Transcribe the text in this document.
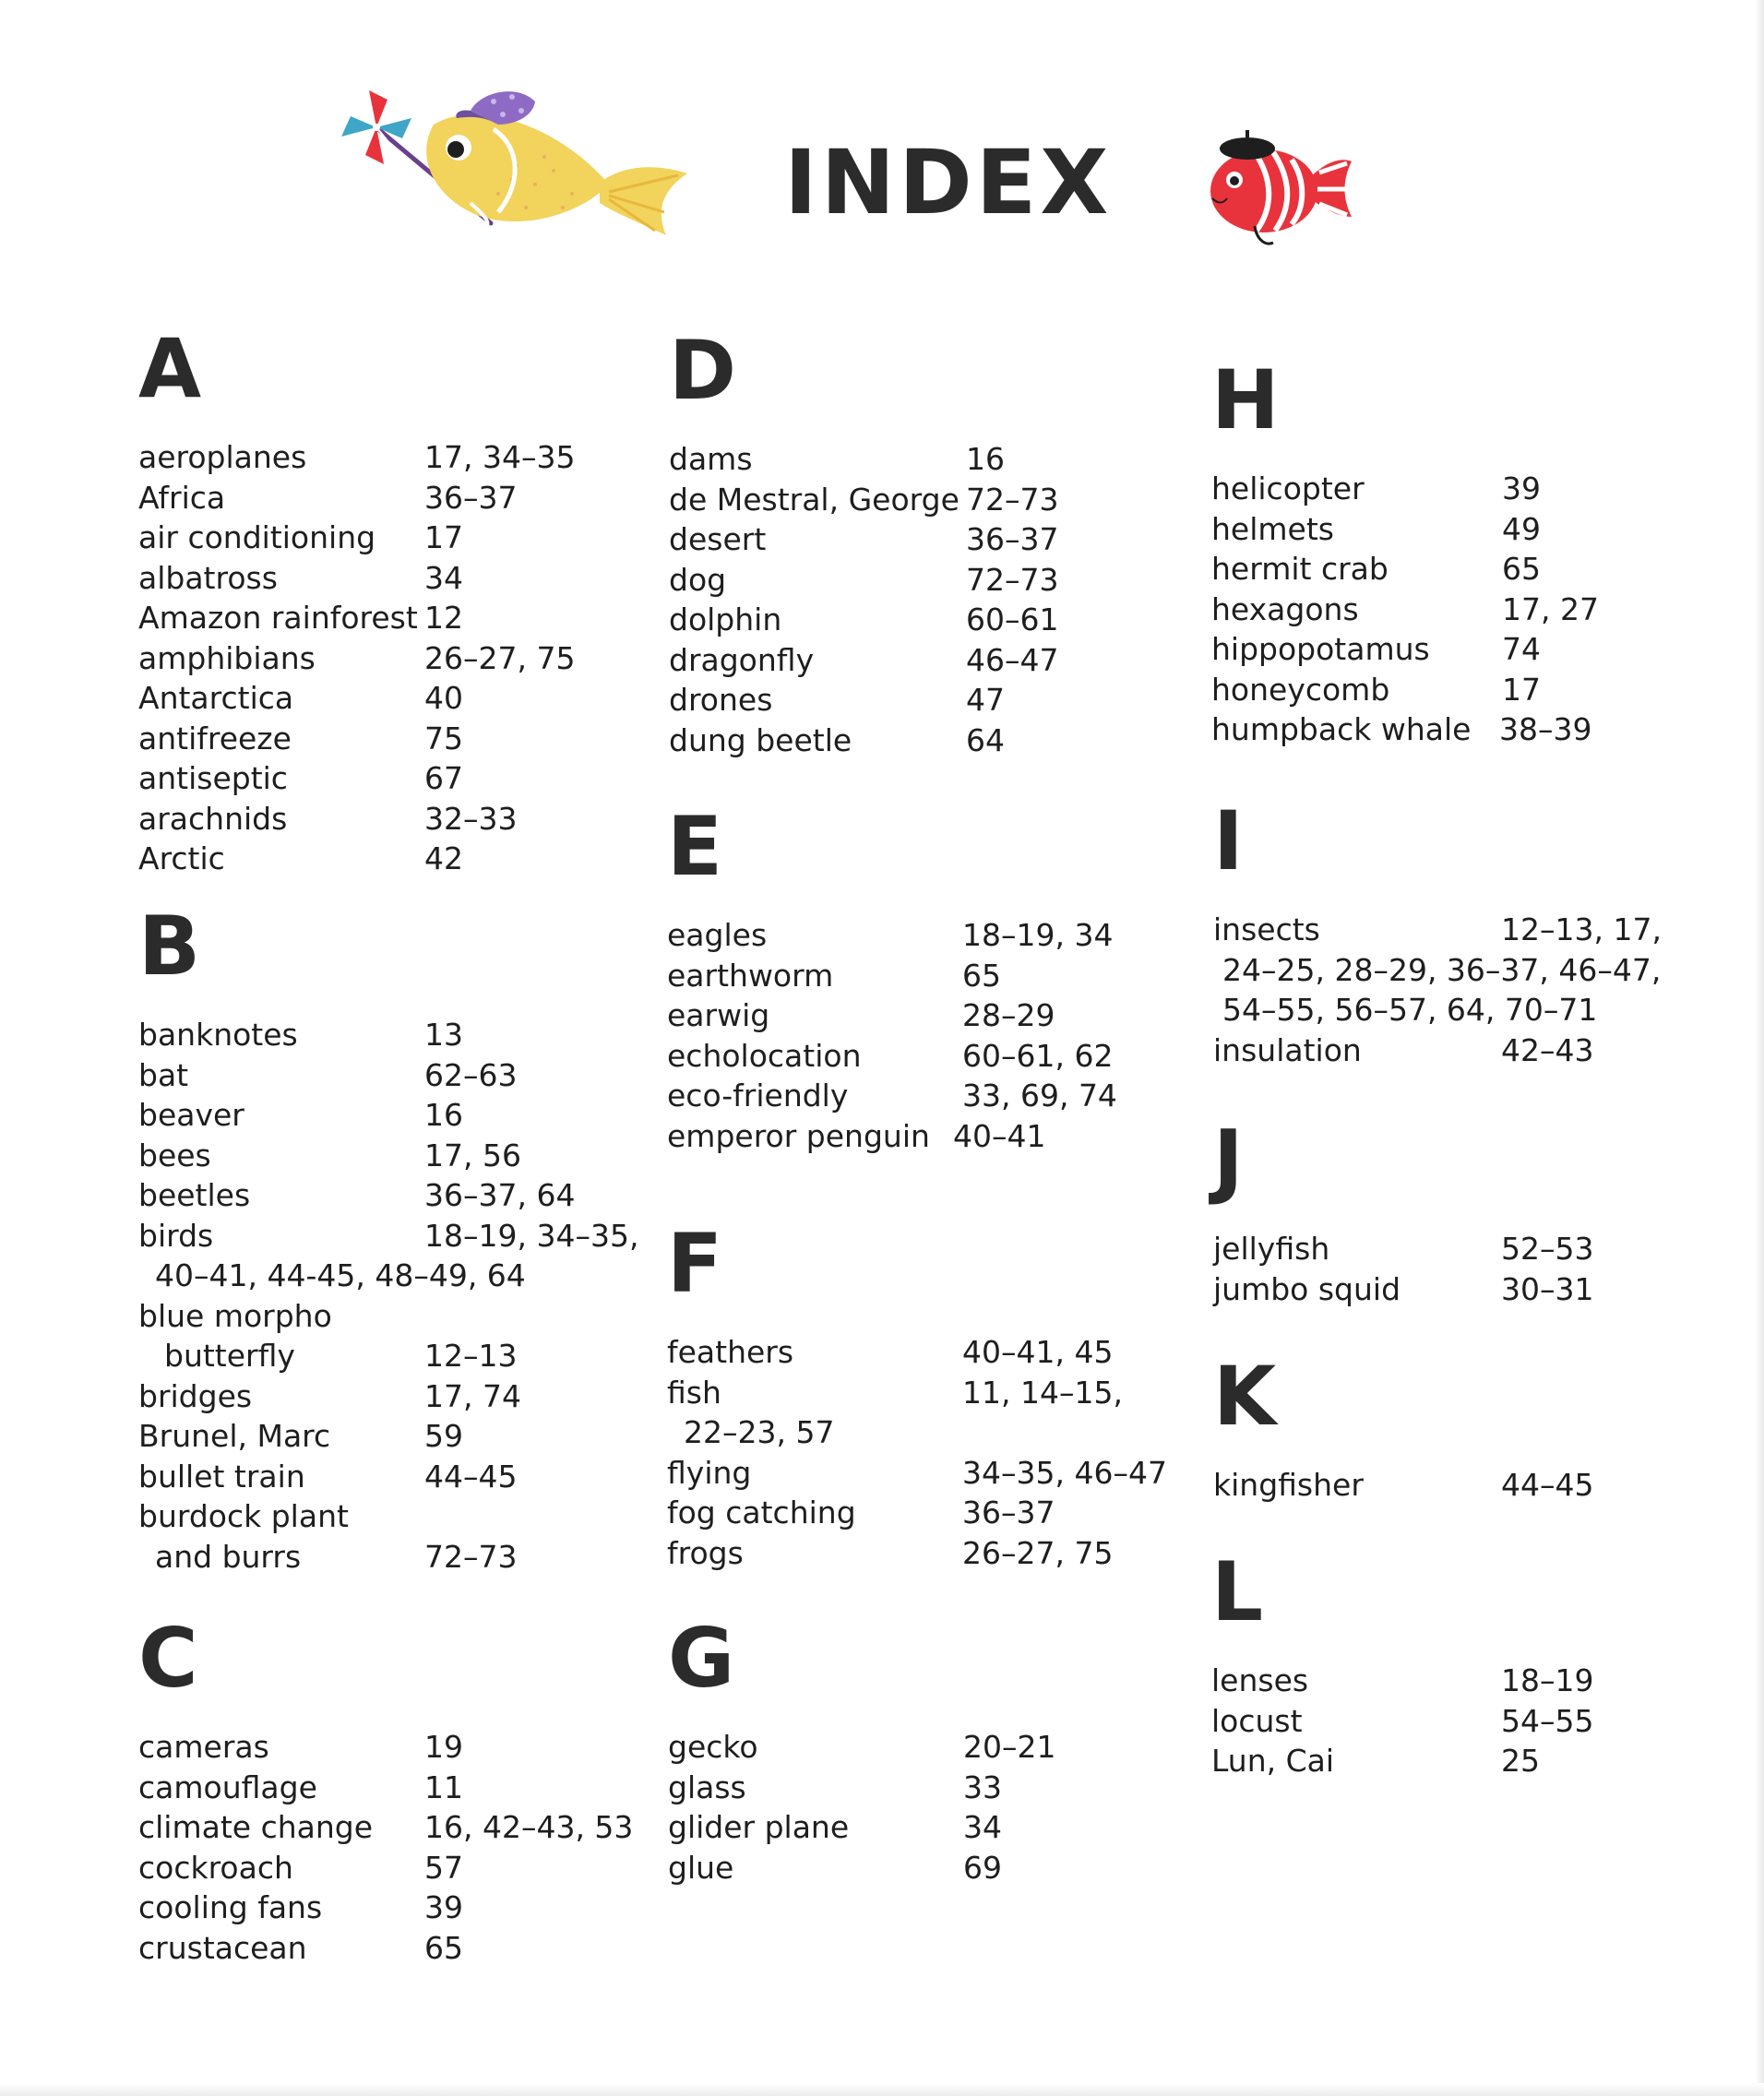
INDEX
A
aeroplanes	17, 34–35
Africa	36–37
air conditioning 17
albatross	34
Amazon rainforest 12
amphibians	26–27, 75
Antarctica	40
antifreeze	75
antiseptic	67
arachnids	32–33
Arctic	42
B
banknotes	13
bat	62–63
beaver	16
bees	17, 56
beetles	36–37, 64
birds	18–19, 34–35,
40–41, 44-45, 48–49, 64
blue morpho
butterfly	12–13
bridges	17, 74
Brunel, Marc	59
bullet train	44–45
burdock plant
and burrs	72–73
C
cameras	19
camouflage	11
climate change 16, 42–43, 53
cockroach	57
cooling fans	39
crustacean	65
D
dams	16
de Mestral, George 72–73
desert	36–37
dog	72–73
dolphin	60–61
dragonfly	46–47
drones	47
dung beetle	64
E
eagles	18–19, 34
earthworm	65
earwig	28–29
echolocation	60–61, 62
eco-friendly	33, 69, 74
emperor penguin 40–41
F
feathers	40–41, 45
fish	11, 14–15,
22–23, 57
flying	34–35, 46–47
fog catching	36–37
frogs	26–27, 75
G
gecko	20–21
glass	33
glider plane	34
glue	69
H
helicopter	39
helmets	49
hermit crab	65
hexagons	17, 27
hippopotamus 74
honeycomb	17
humpback whale 38–39
I
insects	12–13, 17,
24–25, 28–29, 36–37, 46–47,
54–55, 56–57, 64, 70–71
insulation	42–43
J
jellyfish	52–53
jumbo squid	30–31
K
kingfisher	44–45
L
lenses	18–19
locust	54–55
Lun, Cai	25
